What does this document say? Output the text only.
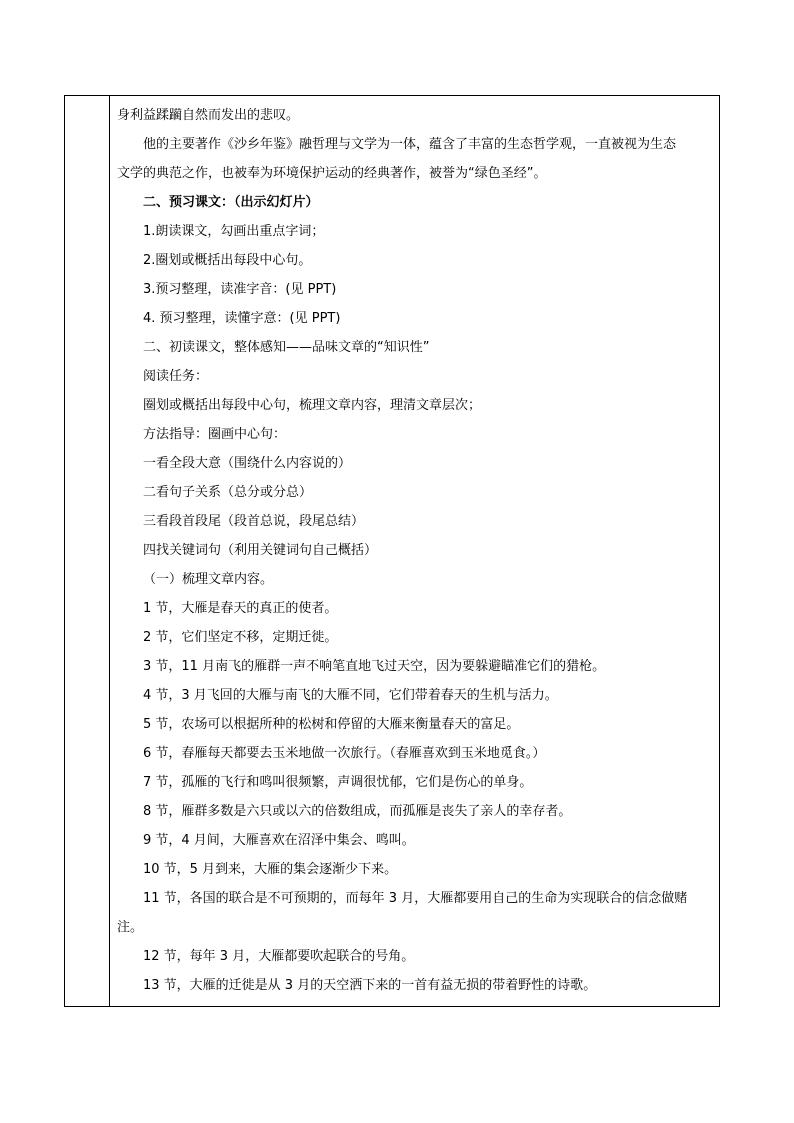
身利益蹂躏自然而发出的悲叹。
他的主要著作《沙乡年鉴》融哲理与文学为一体，蕴含了丰富的生态哲学观，一直被视为生态
文学的典范之作，也被奉为环境保护运动的经典著作，被誉为“绿色圣经”。
二、预习课文：（出示幻灯片）
1.朗读课文，勾画出重点字词；
2.圈划或概括出每段中心句。
3.预习整理，读准字音：(见 PPT)
4. 预习整理，读懂字意：(见 PPT)
二、初读课文，整体感知——品味文章的“知识性”
阅读任务：
圈划或概括出每段中心句，梳理文章内容，理清文章层次；
方法指导：圈画中心句：
一看全段大意（围绕什么内容说的）
二看句子关系（总分或分总）
三看段首段尾（段首总说，段尾总结）
四找关键词句（利用关键词句自己概括）
（一）梳理文章内容。
1 节，大雁是春天的真正的使者。
2 节，它们坚定不移，定期迁徙。
3 节，11 月南飞的雁群一声不响笔直地飞过天空，因为要躲避瞄准它们的猎枪。
4 节，3 月飞回的大雁与南飞的大雁不同，它们带着春天的生机与活力。
5 节，农场可以根据所种的松树和停留的大雁来衡量春天的富足。
6 节，春雁每天都要去玉米地做一次旅行。（春雁喜欢到玉米地觅食。）
7 节，孤雁的飞行和鸣叫很频繁，声调很忧郁，它们是伤心的单身。
8 节，雁群多数是六只或以六的倍数组成，而孤雁是丧失了亲人的幸存者。
9 节，4 月间，大雁喜欢在沼泽中集会、鸣叫。
10 节，5 月到来，大雁的集会逐渐少下来。
11 节，各国的联合是不可预期的，而每年 3 月，大雁都要用自己的生命为实现联合的信念做赌
注。
12 节，每年 3 月，大雁都要吹起联合的号角。
13 节，大雁的迁徙是从 3 月的天空洒下来的一首有益无损的带着野性的诗歌。
